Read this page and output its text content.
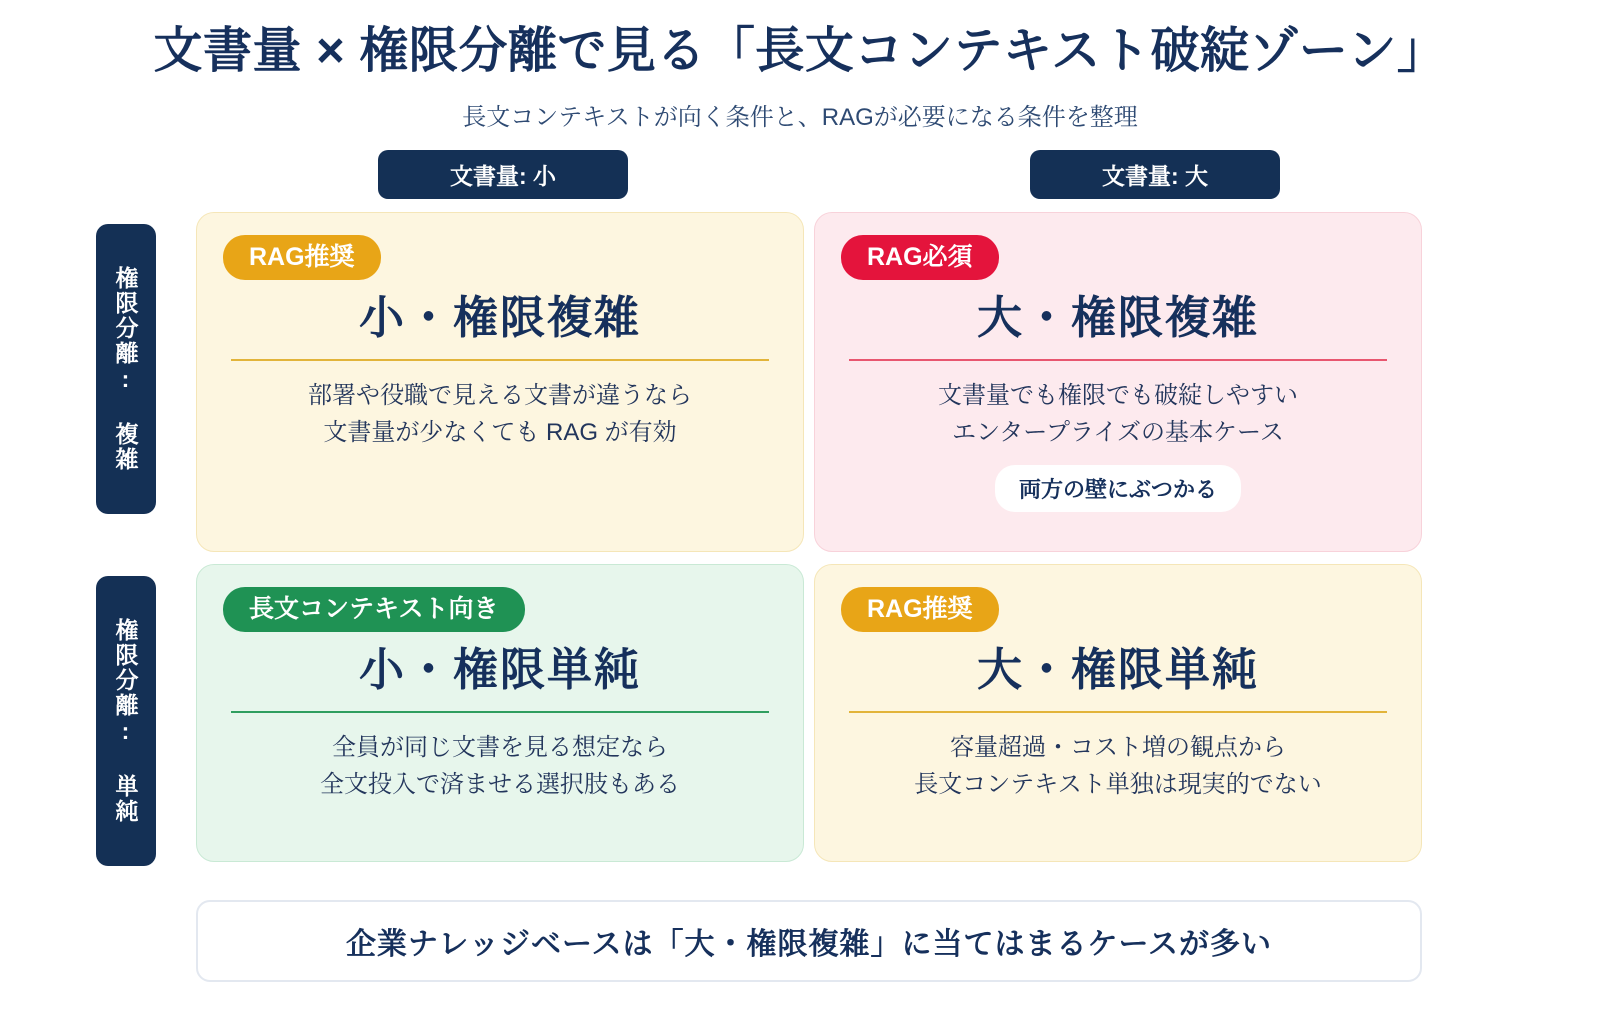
文書量 × 権限分離で見る「長文コンテキスト破綻ゾーン」

長文コンテキストが向く条件と、RAGが必要になる条件を整理

文書量: 小	文書量: 大
権限分離: 複雑
権限分離: 単純
RAG推奨
小・権限複雑
部署や役職で見える文書が違うなら
文書量が少なくても RAG が有効
RAG必須
大・権限複雑
文書量でも権限でも破綻しやすい
エンタープライズの基本ケース
両方の壁にぶつかる
長文コンテキスト向き
小・権限単純
全員が同じ文書を見る想定なら
全文投入で済ませる選択肢もある
RAG推奨
大・権限単純
容量超過・コスト増の観点から
長文コンテキスト単独は現実的でない
企業ナレッジベースは「大・権限複雑」に当てはまるケースが多い
